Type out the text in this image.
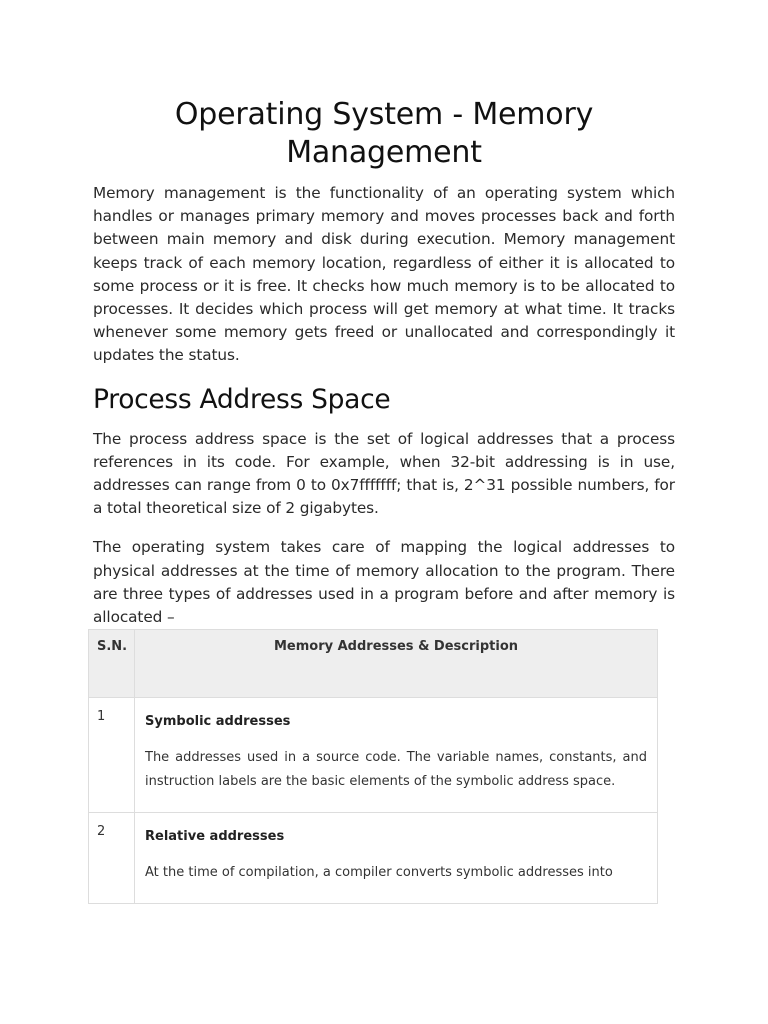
Operating System - Memory Management

Memory management is the functionality of an operating system which handles or manages primary memory and moves processes back and forth between main memory and disk during execution. Memory management keeps track of each memory location, regardless of either it is allocated to some process or it is free. It checks how much memory is to be allocated to processes. It decides which process will get memory at what time. It tracks whenever some memory gets freed or unallocated and correspondingly it updates the status.

Process Address Space

The process address space is the set of logical addresses that a process references in its code. For example, when 32-bit addressing is in use, addresses can range from 0 to 0x7fffffff; that is, 2^31 possible numbers, for a total theoretical size of 2 gigabytes.

The operating system takes care of mapping the logical addresses to physical addresses at the time of memory allocation to the program. There are three types of addresses used in a program before and after memory is allocated –

S.N.	Memory Addresses & Description
1	Symbolic addresses

The addresses used in a source code. The variable names, constants, and instruction labels are the basic elements of the symbolic address space.

2	Relative addresses

At the time of compilation, a compiler converts symbolic addresses into
